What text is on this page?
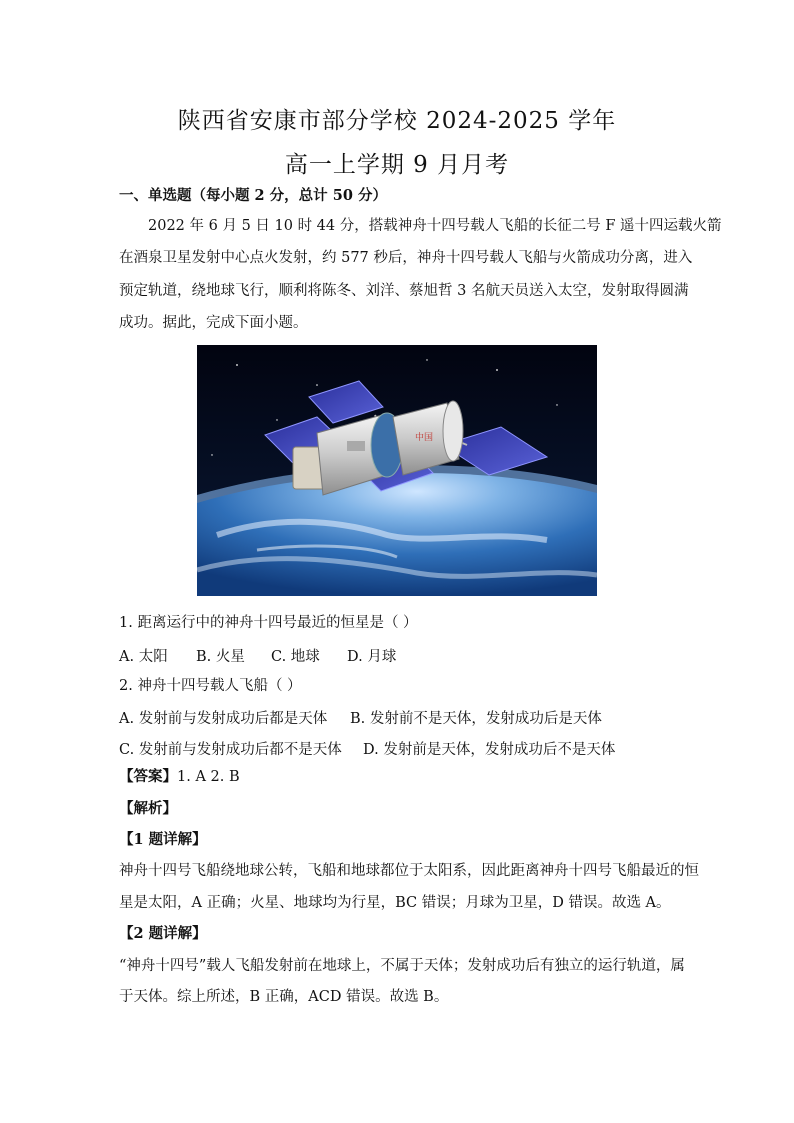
陕西省安康市部分学校 2024-2025 学年
高一上学期 9 月月考
一、单选题（每小题 2 分，总计 50 分）
2022 年 6 月 5 日 10 时 44 分，搭载神舟十四号载人飞船的长征二号 F 遥十四运载火箭
在酒泉卫星发射中心点火发射，约 577 秒后，神舟十四号载人飞船与火箭成功分离，进入
预定轨道，绕地球飞行，顺利将陈冬、刘洋、蔡旭哲 3 名航天员送入太空，发射取得圆满
成功。据此，完成下面小题。
中国
1. 距离运行中的神舟十四号最近的恒星是（ ）
A. 太阳 B. 火星 C. 地球 D. 月球
2. 神舟十四号载人飞船（ ）
A. 发射前与发射成功后都是天体 B. 发射前不是天体，发射成功后是天体
C. 发射前与发射成功后都不是天体 D. 发射前是天体，发射成功后不是天体
【答案】1. A 2. B
【解析】
【1 题详解】
神舟十四号飞船绕地球公转，飞船和地球都位于太阳系，因此距离神舟十四号飞船最近的恒
星是太阳，A 正确；火星、地球均为行星，BC 错误；月球为卫星，D 错误。故选 A。
【2 题详解】
“神舟十四号”载人飞船发射前在地球上，不属于天体；发射成功后有独立的运行轨道，属
于天体。综上所述，B 正确，ACD 错误。故选 B。
